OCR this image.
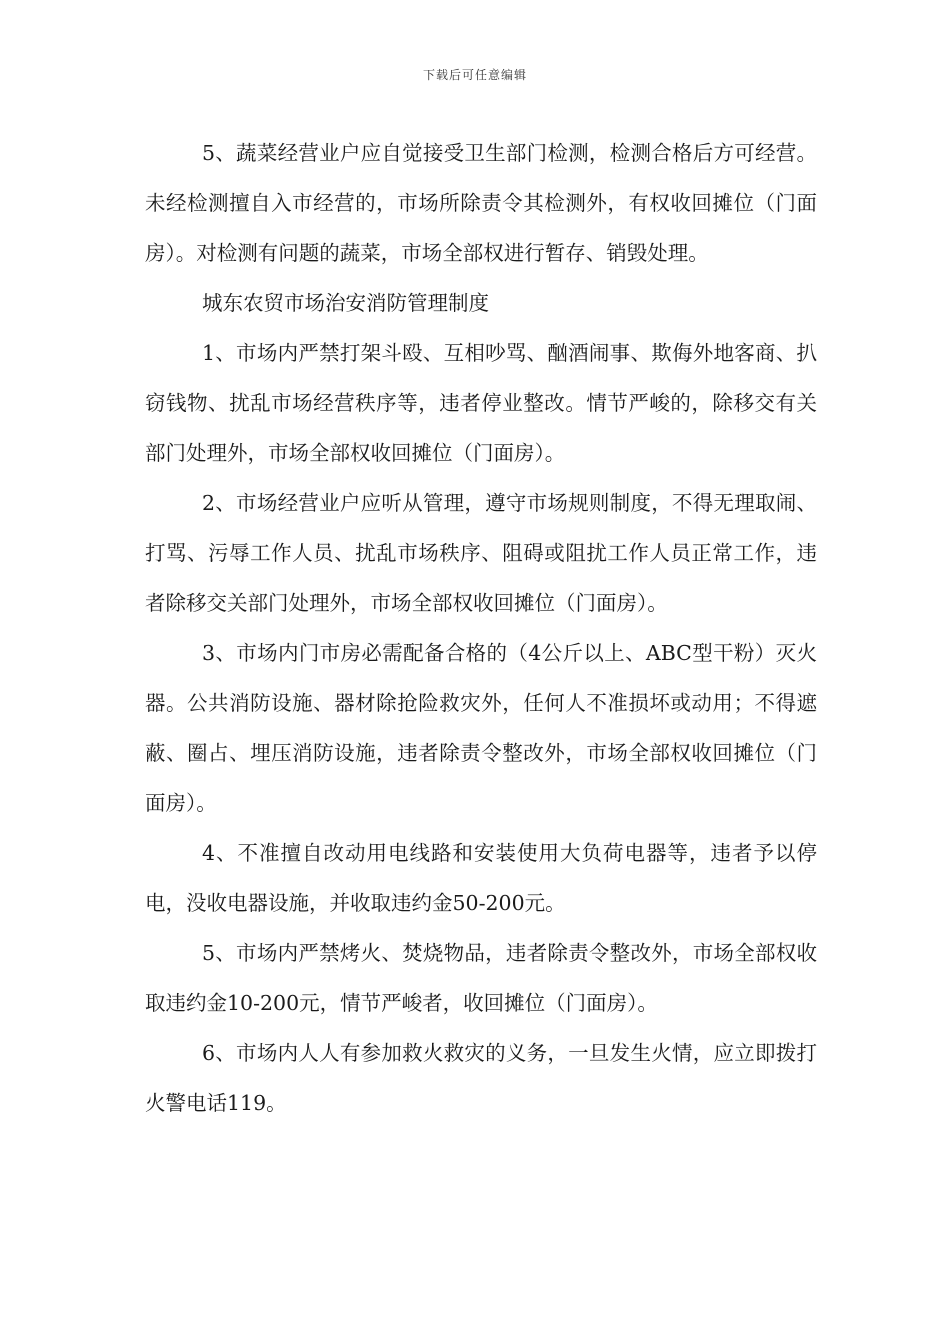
下载后可任意编辑

5、蔬菜经营业户应自觉接受卫生部门检测，检测合格后方可经营。未经检测擅自入市经营的，市场所除责令其检测外，有权收回摊位（门面房）。对检测有问题的蔬菜，市场全部权进行暂存、销毁处理。

城东农贸市场治安消防管理制度

1、市场内严禁打架斗殴、互相吵骂、酗酒闹事、欺侮外地客商、扒窃钱物、扰乱市场经营秩序等，违者停业整改。情节严峻的，除移交有关部门处理外，市场全部权收回摊位（门面房）。

2、市场经营业户应听从管理，遵守市场规则制度，不得无理取闹、打骂、污辱工作人员、扰乱市场秩序、阻碍或阻扰工作人员正常工作，违者除移交关部门处理外，市场全部权收回摊位（门面房）。

3、市场内门市房必需配备合格的（4公斤以上、ABC型干粉）灭火器。公共消防设施、器材除抢险救灾外，任何人不准损坏或动用；不得遮蔽、圈占、埋压消防设施，违者除责令整改外，市场全部权收回摊位（门面房）。

4、不准擅自改动用电线路和安装使用大负荷电器等，违者予以停电，没收电器设施，并收取违约金50-200元。

5、市场内严禁烤火、焚烧物品，违者除责令整改外，市场全部权收取违约金10-200元，情节严峻者，收回摊位（门面房）。

6、市场内人人有参加救火救灾的义务，一旦发生火情，应立即拨打火警电话119。
